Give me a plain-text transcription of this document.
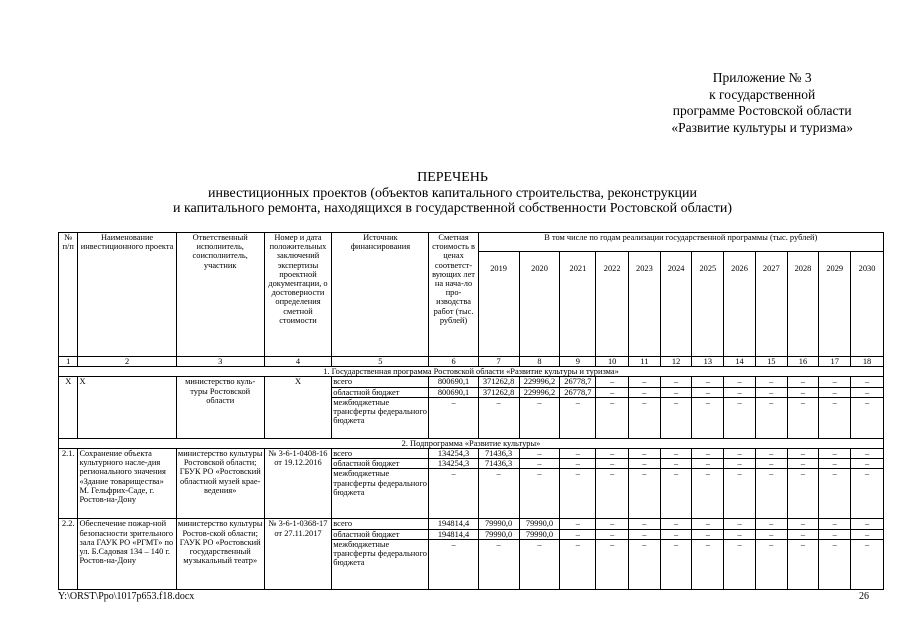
Приложение № 3
к государственной
программе Ростовской области
«Развитие культуры и туризма»
ПЕРЕЧЕНЬ
инвестиционных проектов (объектов капитального строительства, реконструкции
и капитального ремонта, находящихся в государственной собственности Ростовской области)
№ п/п	Наименование инвестиционного проекта	Ответственный исполнитель, соисполнитель, участник	Номер и дата положительных заключений экспертизы проектной документации, о достоверности определения сметной стоимости	Источник финансирования	Сметная стоимость в ценах соответст-вующих лет на нача-ло про-изводства работ (тыс. рублей)	В том числе по годам реализации государственной программы (тыс. рублей)											
						2019	2020	2021	2022	2023	2024	2025	2026	2027	2028	2029	2030
1	2	3	4	5	6	7	8	9	10	11	12	13	14	15	16	17	18
1. Государственная программа Ростовской области «Развитие культуры и туризма»																	
Х	Х	министерство куль-туры Ростовской области	Х	всего	800690,1	371262,8	229996,2	26778,7	–	–	–	–	–	–	–	–	–
				областной бюджет	800690,1	371262,8	229996,2	26778,7	–	–	–	–	–	–	–	–	–
				межбюджетные трансферты федерального бюджета	–	–	–	–	–	–	–	–	–	–	–	–	–
2. Подпрограмма «Развитие культуры»																	
2.1.	Сохранение объекта культурного насле-дия регионального значения «Здание товарищества» М. Гельфрих-Саде, г. Ростов-на-Дону	министерство культуры Ростовской области; ГБУК РО «Ростовский областной музей крае-ведения»	№ 3-6-1-0408-16 от 19.12.2016	всего	134254,3	71436,3	–	–	–	–	–	–	–	–	–	–	–
				областной бюджет	134254,3	71436,3	–	–	–	–	–	–	–	–	–	–	–
				межбюджетные трансферты федерального бюджета	–	–	–	–	–	–	–	–	–	–	–	–	–
2.2.	Обеспечение пожар-ной безопасности зрительного зала ГАУК РО «РГМТ» по ул. Б.Садовая 134 – 140 г. Ростов-на-Дону	министерство культуры Ростов-ской области; ГАУК РО «Ростовский государственный музыкальный театр»	№ 3-6-1-0368-17 от 27.11.2017	всего	194814,4	79990,0	79990,0	–	–	–	–	–	–	–	–	–	–
				областной бюджет	194814,4	79990,0	79990,0	–	–	–	–	–	–	–	–	–	–
				межбюджетные трансферты федерального бюджета	–	–	–	–	–	–	–	–	–	–	–	–	–
Y:\ORST\Ppo\1017p653.f18.docx	26
